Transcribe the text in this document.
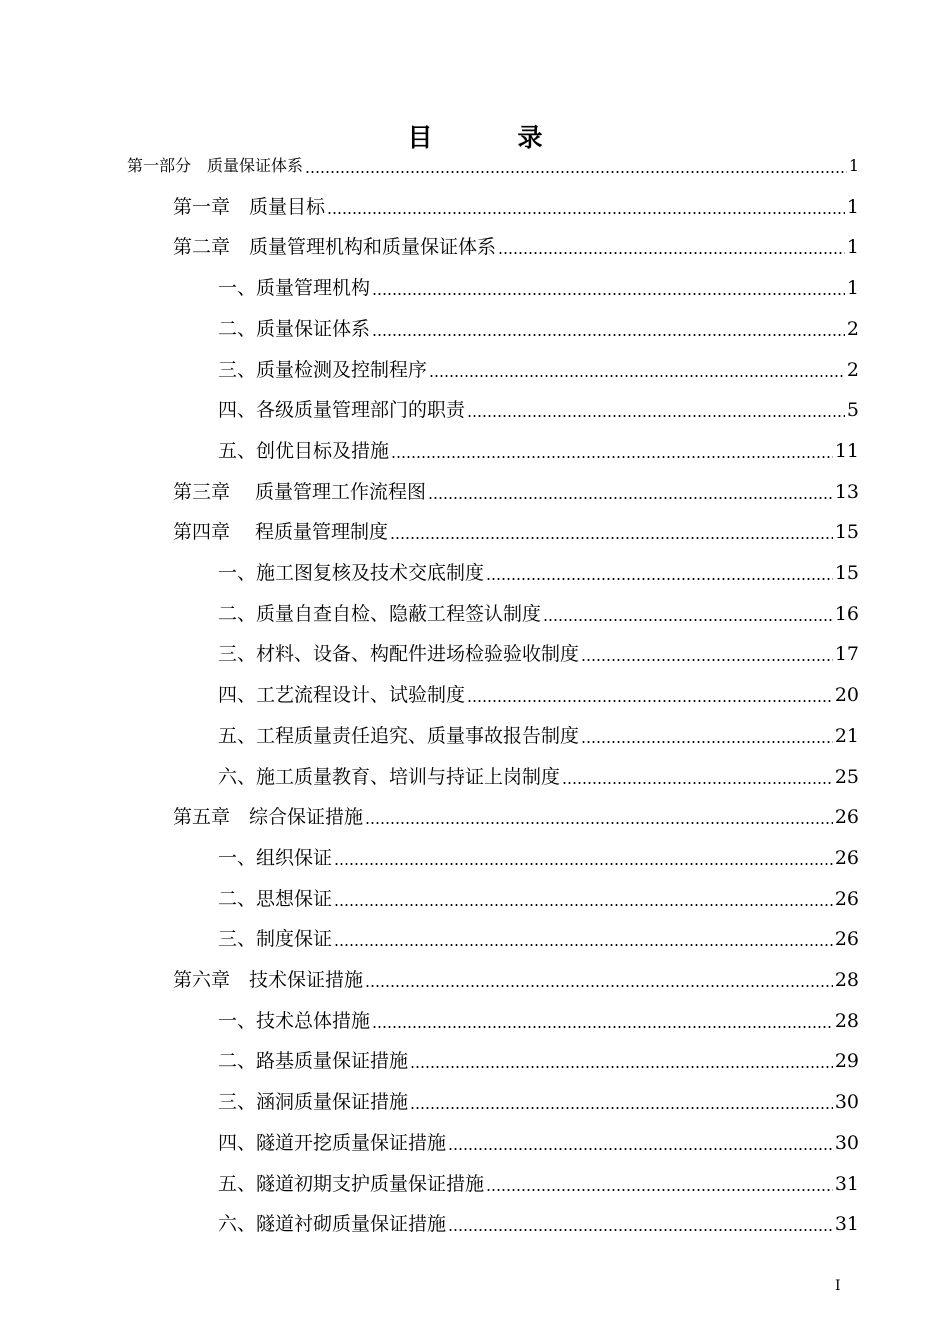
目　录
第一部分　质量保证体系	1
第一章　质量目标	1
第二章　质量管理机构和质量保证体系	1
一、质量管理机构	1
二、质量保证体系	2
三、质量检测及控制程序	2
四、各级质量管理部门的职责	5
五、创优目标及措施	11
第三章　 质量管理工作流程图	13
第四章　 程质量管理制度	15
一、施工图复核及技术交底制度	15
二、质量自查自检、隐蔽工程签认制度	16
三、材料、设备、构配件进场检验验收制度	17
四、工艺流程设计、试验制度	20
五、工程质量责任追究、质量事故报告制度	21
六、施工质量教育、培训与持证上岗制度	25
第五章　综合保证措施	26
一、组织保证	26
二、思想保证	26
三、制度保证	26
第六章　技术保证措施	28
一、技术总体措施	28
二、路基质量保证措施	29
三、涵洞质量保证措施	30
四、隧道开挖质量保证措施	30
五、隧道初期支护质量保证措施	31
六、隧道衬砌质量保证措施	31
I
